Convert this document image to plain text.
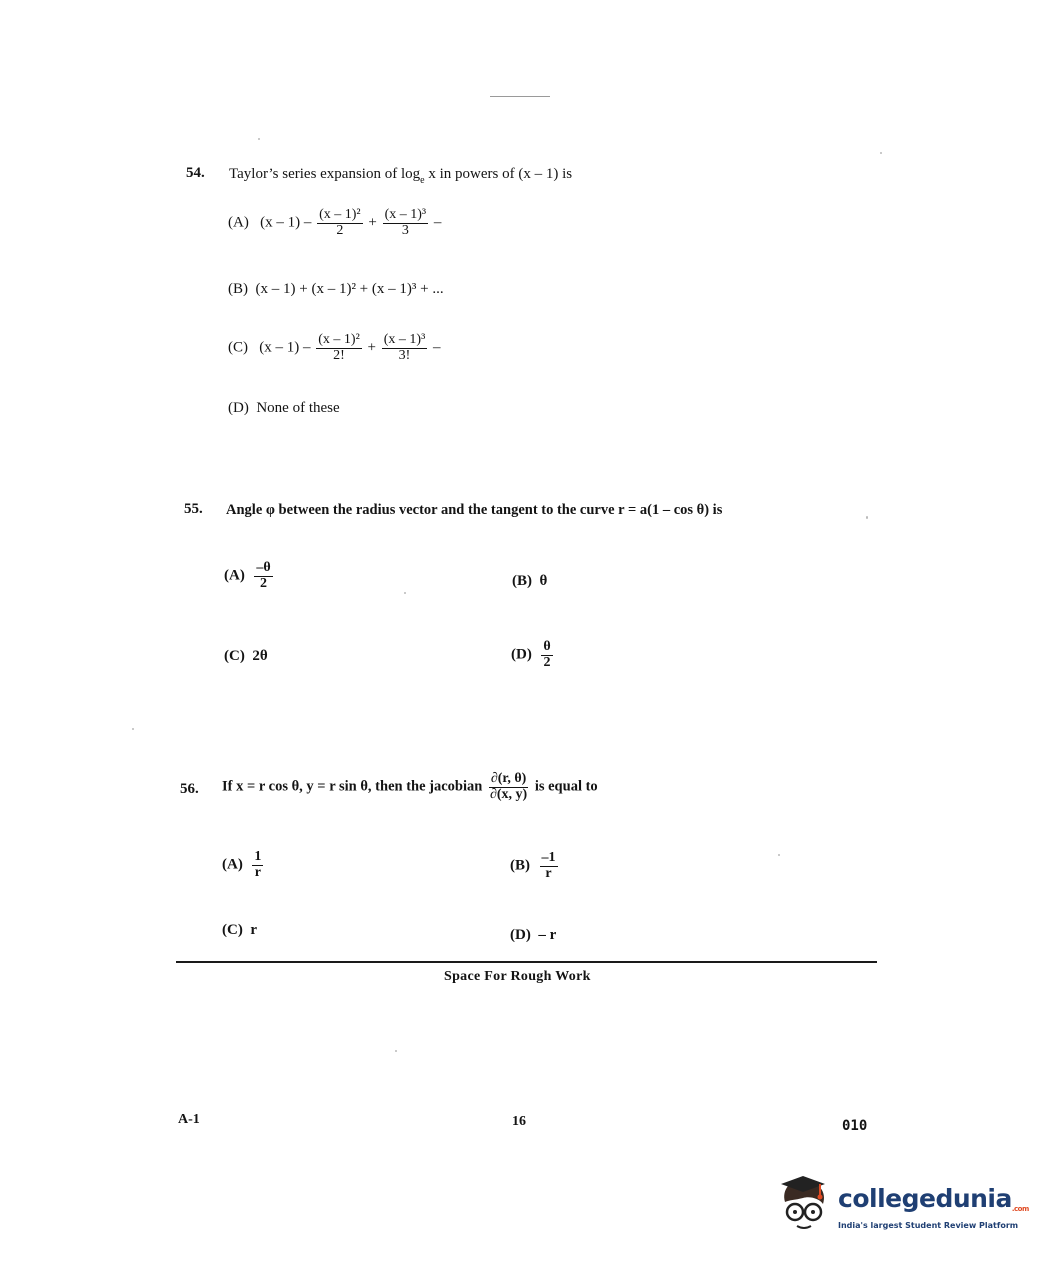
54. Taylor’s series expansion of $\log_e x$ in powers of (x – 1) is
(A) $(x - 1) - \frac{\text{(x – 1)²}}{2} + \frac{\text{(x – 1)³}}{3}$ –
(B) (x – 1) + (x – 1)² + (x – 1)³ + ...
(C) $(x - 1) - \frac{\text{(x – 1)²}}{2!} + \frac{\text{(x – 1)³}}{3!}$ –
(D) None of these
55. Angle φ between the radius vector and the tangent to the curve r = a(1 – cos θ) is
$(A) \frac{-\theta}{2}$	(B) θ
(C) 2θ	$(D) \frac{\theta}{2}$
56. If x = r cos θ, y = r sin θ, then the jacobian $\frac{\partial(r, \theta)}{\partial(x, y)}$ is equal to
$(A) \frac{1}{r}$	$(B) \frac{-1}{r}$
(C) r	(D) – r
Space For Rough Work
A-1	16	010
collegedunia.com
India's largest Student Review Platform
